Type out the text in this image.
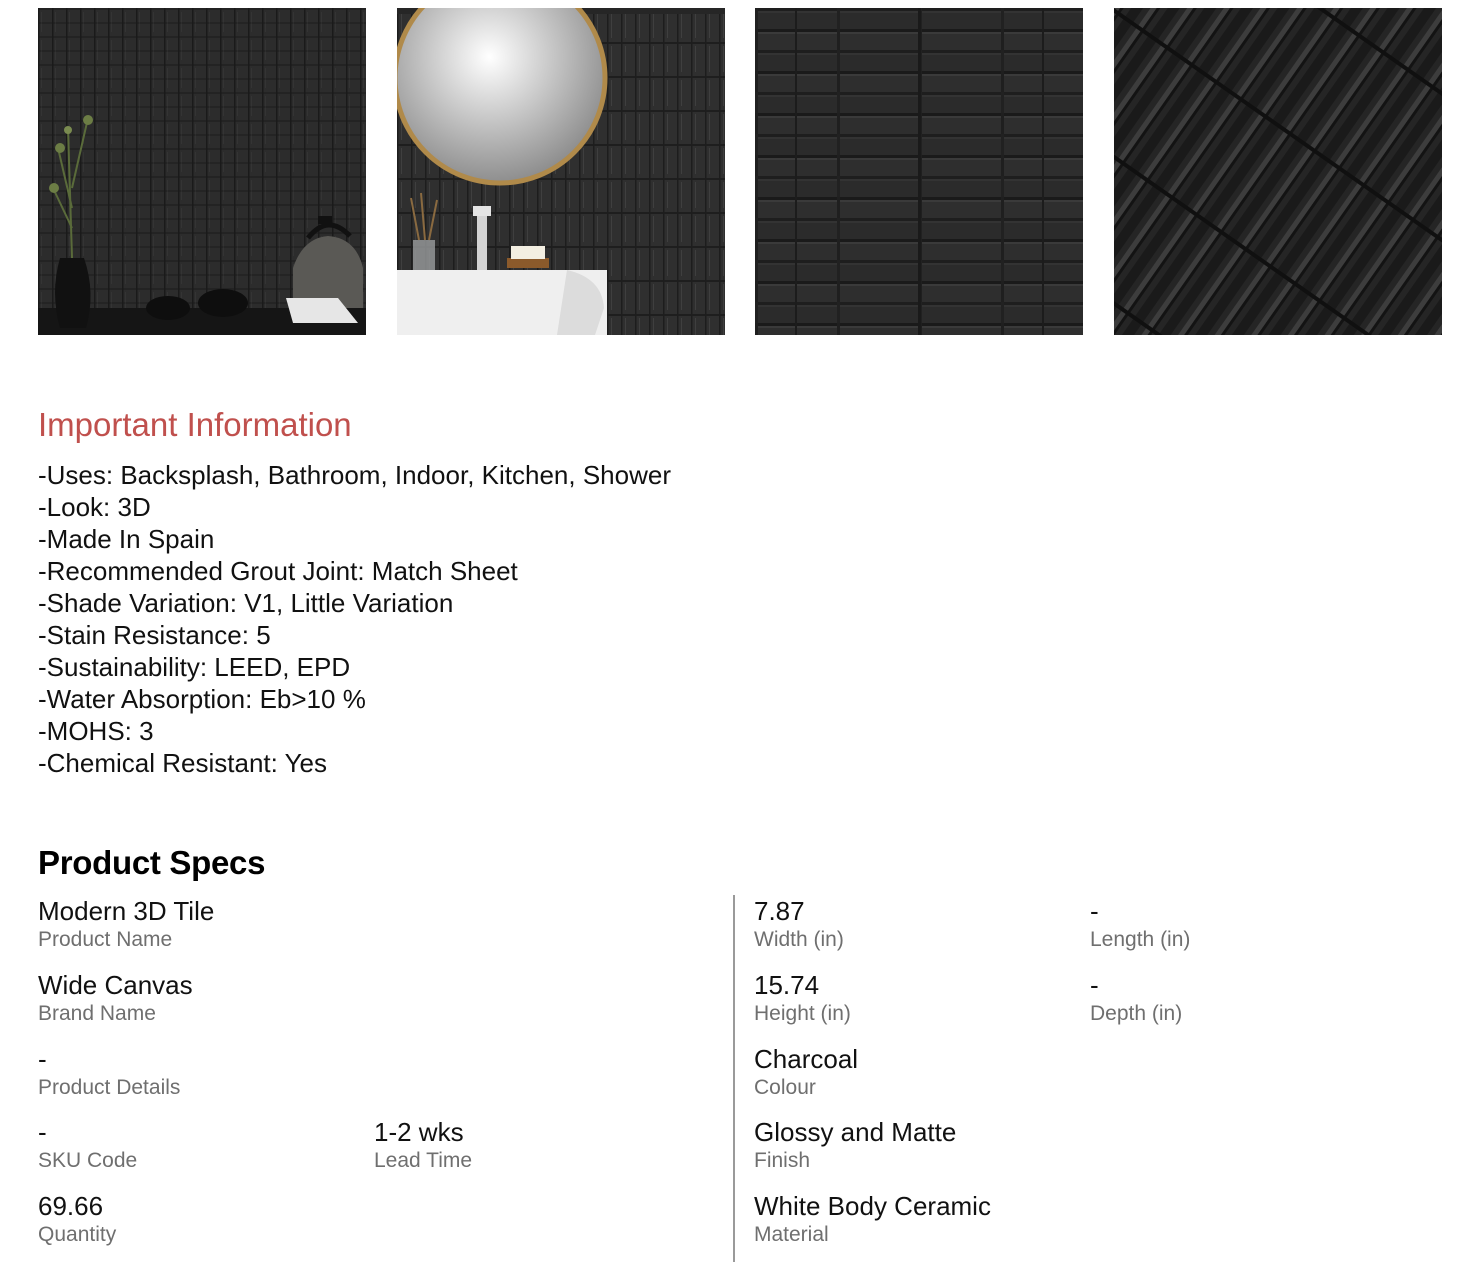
Important Information
-Uses: Backsplash, Bathroom, Indoor, Kitchen, Shower
-Look: 3D
-Made In Spain
-Recommended Grout Joint: Match Sheet
-Shade Variation: V1, Little Variation
-Stain Resistance: 5
-Sustainability: LEED, EPD
-Water Absorption: Eb>10 %
-MOHS: 3
-Chemical Resistant: Yes
Product Specs
Modern 3D Tile
Product Name
Wide Canvas
Brand Name
-
Product Details
-
SKU Code
1-2 wks
Lead Time
69.66
Quantity
7.87
Width (in)
-
Length (in)
15.74
Height (in)
-
Depth (in)
Charcoal
Colour
Glossy and Matte
Finish
White Body Ceramic
Material
